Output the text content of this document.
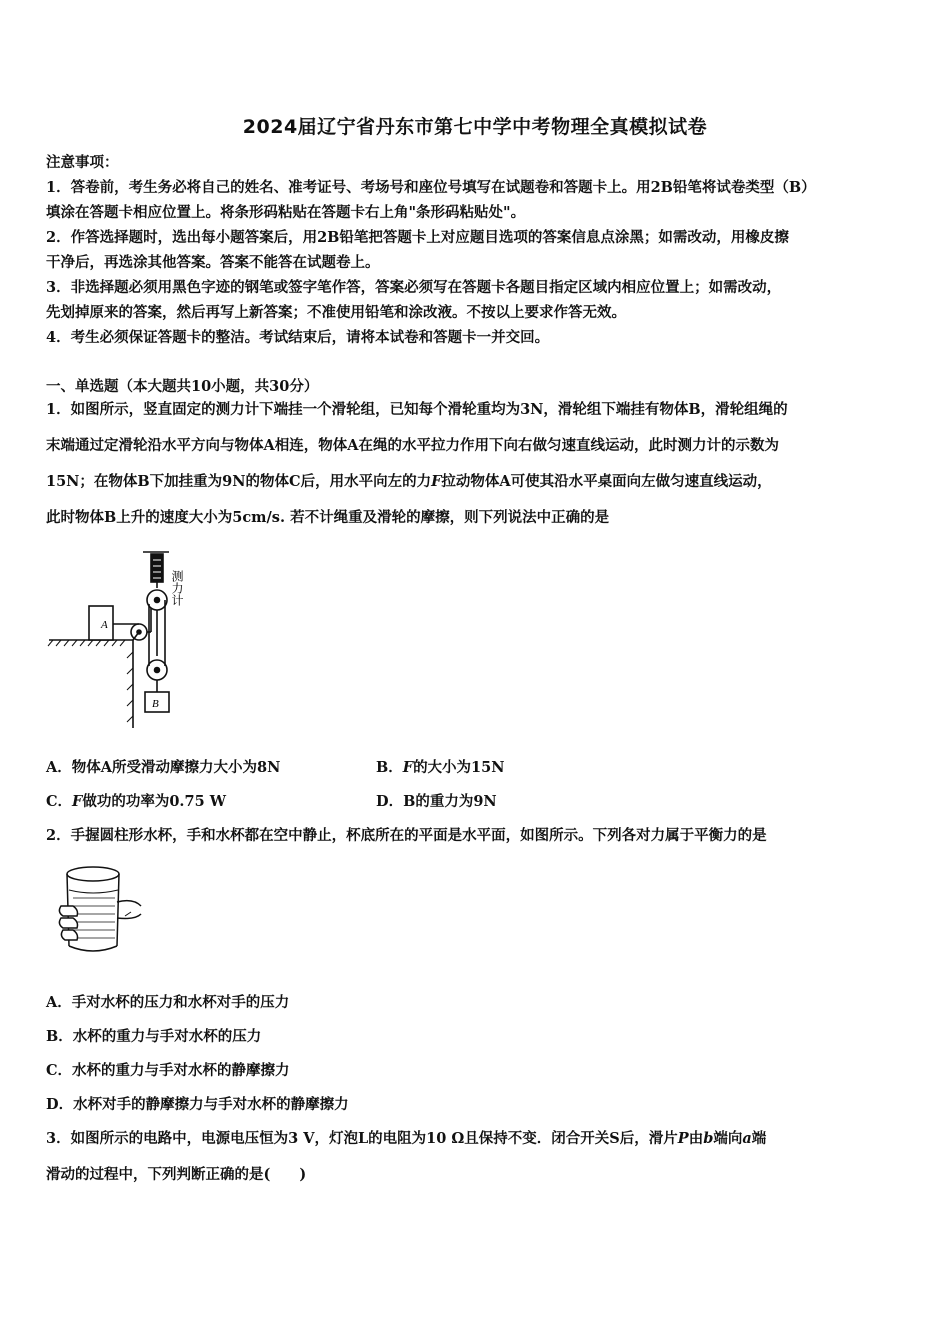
2024届辽宁省丹东市第七中学中考物理全真模拟试卷
注意事项：
1．答卷前，考生务必将自己的姓名、准考证号、考场号和座位号填写在试题卷和答题卡上。用2B铅笔将试卷类型（B）
填涂在答题卡相应位置上。将条形码粘贴在答题卡右上角"条形码粘贴处"。
2．作答选择题时，选出每小题答案后，用2B铅笔把答题卡上对应题目选项的答案信息点涂黑；如需改动，用橡皮擦
干净后，再选涂其他答案。答案不能答在试题卷上。
3．非选择题必须用黑色字迹的钢笔或签字笔作答，答案必须写在答题卡各题目指定区域内相应位置上；如需改动，
先划掉原来的答案，然后再写上新答案；不准使用铅笔和涂改液。不按以上要求作答无效。
4．考生必须保证答题卡的整洁。考试结束后，请将本试卷和答题卡一并交回。
一、单选题（本大题共10小题，共30分）
1．如图所示，竖直固定的测力计下端挂一个滑轮组，已知每个滑轮重均为3N，滑轮组下端挂有物体B，滑轮组绳的
末端通过定滑轮沿水平方向与物体A相连，物体A在绳的水平拉力作用下向右做匀速直线运动，此时测力计的示数为
15N；在物体B下加挂重为9N的物体C后，用水平向左的力F拉动物体A可使其沿水平桌面向左做匀速直线运动，
此时物体B上升的速度大小为5cm/s. 若不计绳重及滑轮的摩擦，则下列说法中正确的是
A
B
测力计
A．物体A所受滑动摩擦力大小为8N	B．F的大小为15N
C．F做功的功率为0.75 W	D．B的重力为9N
2．手握圆柱形水杯，手和水杯都在空中静止，杯底所在的平面是水平面，如图所示。下列各对力属于平衡力的是
A．手对水杯的压力和水杯对手的压力
B．水杯的重力与手对水杯的压力
C．水杯的重力与手对水杯的静摩擦力
D．水杯对手的静摩擦力与手对水杯的静摩擦力
3．如图所示的电路中，电源电压恒为3 V，灯泡L的电阻为10 Ω且保持不变．闭合开关S后，滑片P由b端向a端
滑动的过程中，下列判断正确的是(　　)
